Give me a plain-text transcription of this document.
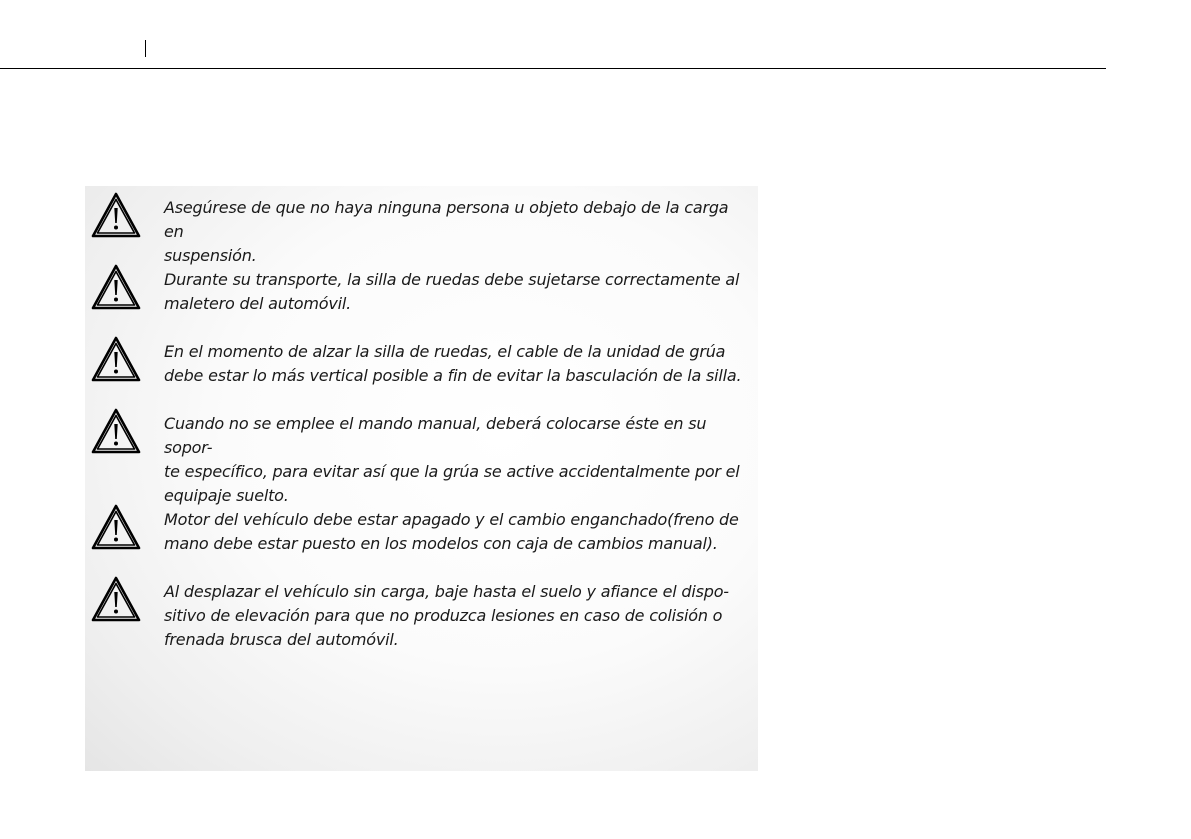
Asegúrese de que no haya ninguna persona u objeto debajo de la carga en
suspensión.

Durante su transporte, la silla de ruedas debe sujetarse correctamente al
maletero del automóvil.

En el momento de alzar la silla de ruedas, el cable de la unidad de grúa
debe estar lo más vertical posible a fin de evitar la basculación de la silla.

Cuando no se emplee el mando manual, deberá colocarse éste en su sopor-
te específico, para evitar así que la grúa se active accidentalmente por el
equipaje suelto.

Motor del vehículo debe estar apagado y el cambio enganchado(freno de
mano debe estar puesto en los modelos con caja de cambios manual).

Al desplazar el vehículo sin carga, baje hasta el suelo y afiance el dispo-
sitivo de elevación para que no produzca lesiones en caso de colisión o
frenada brusca del automóvil.
